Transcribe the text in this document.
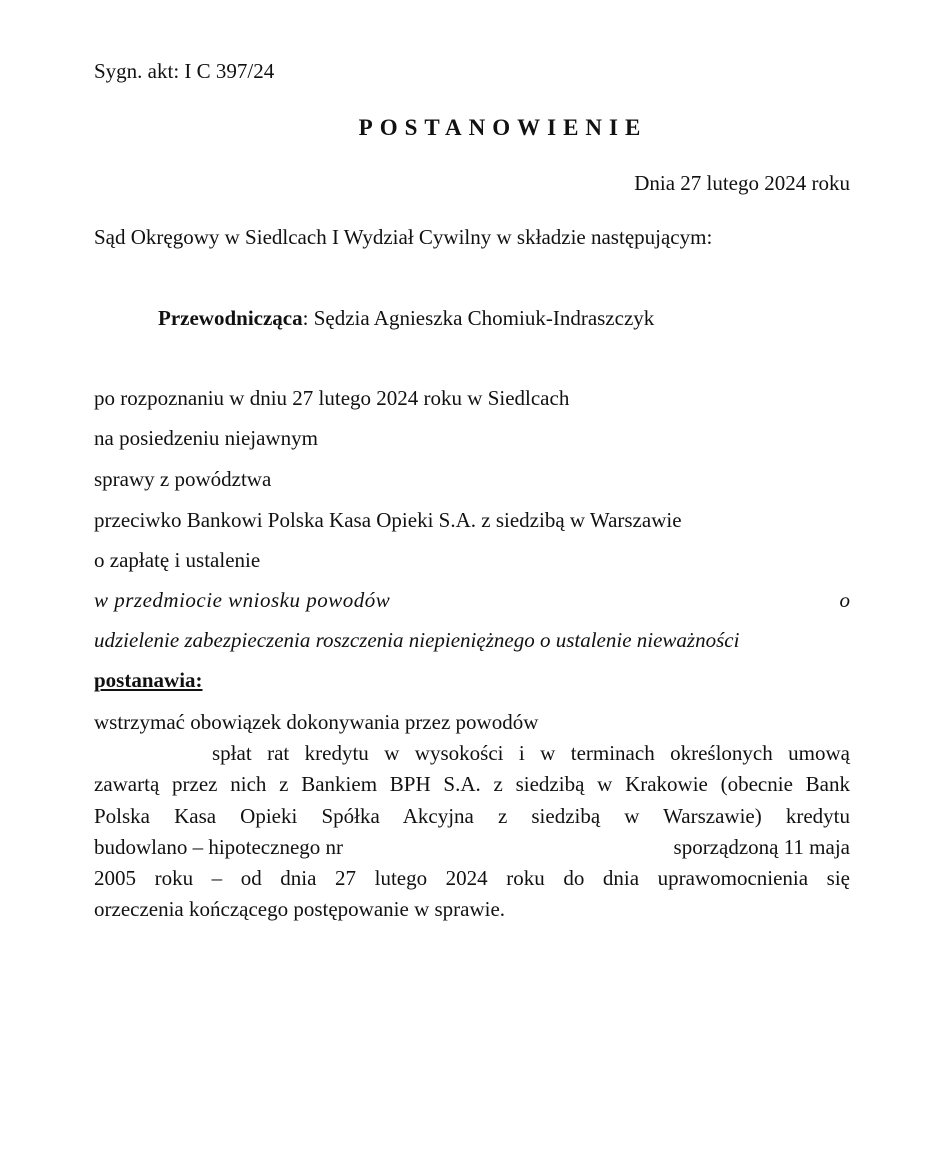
Sygn. akt: I C 397/24
POSTANOWIENIE
Dnia 27 lutego 2024 roku
Sąd Okręgowy w Siedlcach I Wydział Cywilny w składzie następującym:
Przewodnicząca: Sędzia Agnieszka Chomiuk-Indraszczyk
po rozpoznaniu w dniu 27 lutego 2024 roku w Siedlcach
na posiedzeniu niejawnym
sprawy z powództwa
przeciwko Bankowi Polska Kasa Opieki S.A. z siedzibą w Warszawie
o zapłatę i ustalenie
w przedmiocie wniosku powodów	o
udzielenie zabezpieczenia roszczenia niepieniężnego o ustalenie nieważności
postanawia:
wstrzymać obowiązek dokonywania przez powodów
spłat rat kredytu w wysokości i w terminach określonych umową
zawartą przez nich z Bankiem BPH S.A. z siedzibą w Krakowie (obecnie Bank
Polska Kasa Opieki Spółka Akcyjna z siedzibą w Warszawie) kredytu
budowlano – hipotecznego nr	sporządzoną 11 maja
2005 roku – od dnia 27 lutego 2024 roku do dnia uprawomocnienia się
orzeczenia kończącego postępowanie w sprawie.
